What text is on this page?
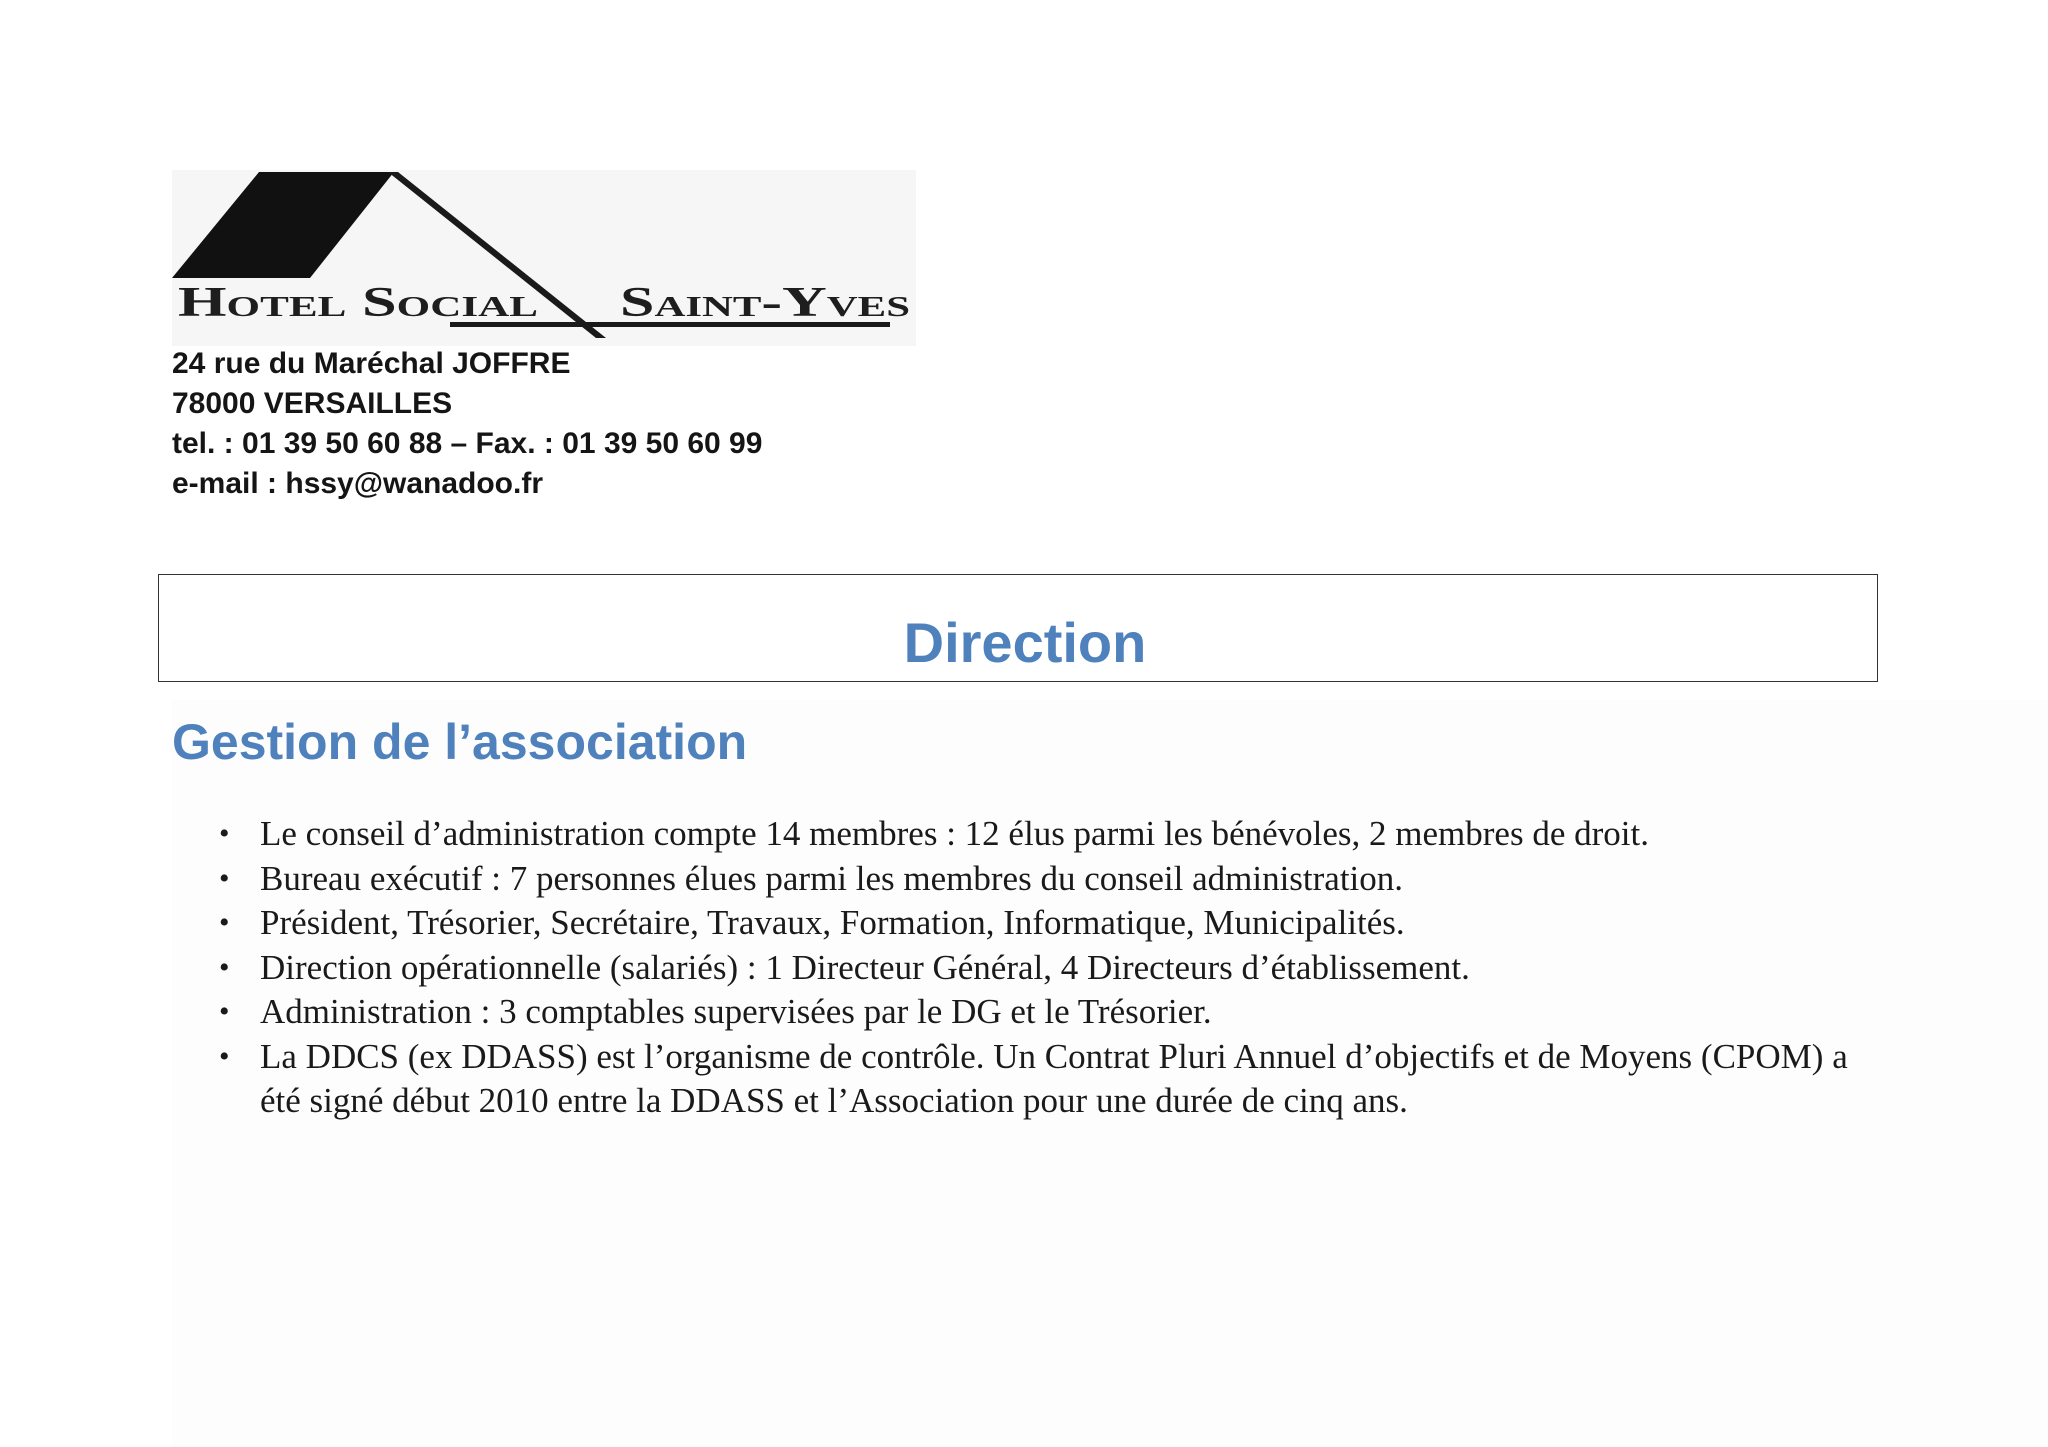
Hotel Social Saint-Yves
24 rue du Maréchal JOFFRE
78000 VERSAILLES
tel. : 01 39 50 60 88 – Fax. : 01 39 50 60 99
e-mail : hssy@wanadoo.fr
Direction
Gestion de l’association
• Le conseil d’administration compte 14 membres : 12 élus parmi les bénévoles, 2 membres de droit.
• Bureau exécutif : 7 personnes élues parmi les membres du conseil administration.
• Président, Trésorier, Secrétaire, Travaux, Formation, Informatique, Municipalités.
• Direction opérationnelle (salariés) : 1 Directeur Général, 4 Directeurs d’établissement.
• Administration : 3 comptables supervisées par le DG et le Trésorier.
• La DDCS (ex DDASS) est l’organisme de contrôle. Un Contrat Pluri Annuel d’objectifs et de Moyens (CPOM) a été signé début 2010 entre la DDASS et l’Association pour une durée de cinq ans.
